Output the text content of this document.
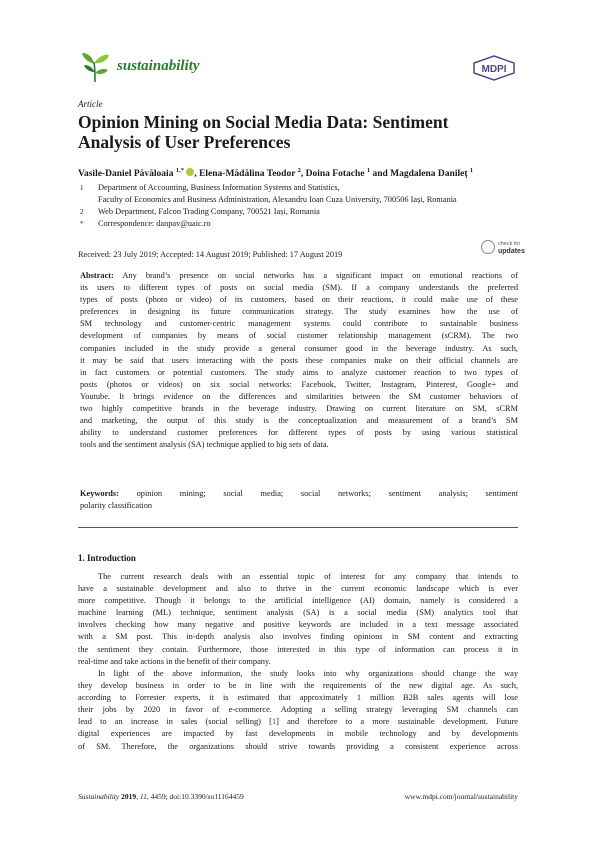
sustainability	MDPI
Article
Opinion Mining on Social Media Data: Sentiment
Analysis of User Preferences
Vasile-Daniel Păvăloaia $^{1,*}$ , Elena-Mădălina Teodor $^2$, Doina Fotache $^1$ and Magdalena Danileț $^1$
1 Department of Accounting, Business Information Systems and Statistics,
Faculty of Economics and Business Administration, Alexandru Ioan Cuza University, 700506 Iași, Romania
2 Web Department, Falcon Trading Company, 700521 Iași, Romania
* Correspondence: danpav@uaic.ro
Received: 23 July 2019; Accepted: 14 August 2019; Published: 17 August 2019
check for
updates
Abstract: Any brand’s presence on social networks has a significant impact on emotional reactions of
its users to different types of posts on social media (SM). If a company understands the preferred
types of posts (photo or video) of its customers, based on their reactions, it could make use of these
preferences in designing its future communication strategy. The study examines how the use of
SM technology and customer-centric management systems could contribute to sustainable business
development of companies by means of social customer relationship management (sCRM). The two
companies included in the study provide a general consumer good in the beverage industry. As such,
it may be said that users interacting with the posts these companies make on their official channels are
in fact customers or potential customers. The study aims to analyze customer reaction to two types of
posts (photos or videos) on six social networks: Facebook, Twitter, Instagram, Pinterest, Google+ and
Youtube. It brings evidence on the differences and similarities between the SM customer behaviors of
two highly competitive brands in the beverage industry. Drawing on current literature on SM, sCRM
and marketing, the output of this study is the conceptualization and measurement of a brand’s SM
ability to understand customer preferences for different types of posts by using various statistical
tools and the sentiment analysis (SA) technique applied to big sets of data.
Keywords: opinion mining; social media; social networks; sentiment analysis; sentiment
polarity classification
1. Introduction
The current research deals with an essential topic of interest for any company that intends to
have a sustainable development and also to thrive in the current economic landscape which is ever
more competitive. Though it belongs to the artificial intelligence (AI) domain, namely is considered a
machine learning (ML) technique, sentiment analysis (SA) is a social media (SM) analytics tool that
involves checking how many negative and positive keywords are included in a text message associated
with a SM post. This in-depth analysis also involves finding opinions in SM content and extracting
the sentiment they contain. Furthermore, those interested in this type of information can process it in
real-time and take actions in the benefit of their company.
In light of the above information, the study looks into why organizations should change the way
they develop business in order to be in line with the requirements of the new digital age. As such,
according to Forrester experts, it is estimated that approximately 1 million B2B sales agents will lose
their jobs by 2020 in favor of e-commerce. Adopting a selling strategy leveraging SM channels can
lead to an increase in sales (social selling) [1] and therefore to a more sustainable development. Future
digital experiences are impacted by fast developments in mobile technology and by developments
of SM. Therefore, the organizations should strive towards providing a consistent experience across
Sustainability 2019, 11, 4459; doi:10.3390/su11164459	www.mdpi.com/journal/sustainability
